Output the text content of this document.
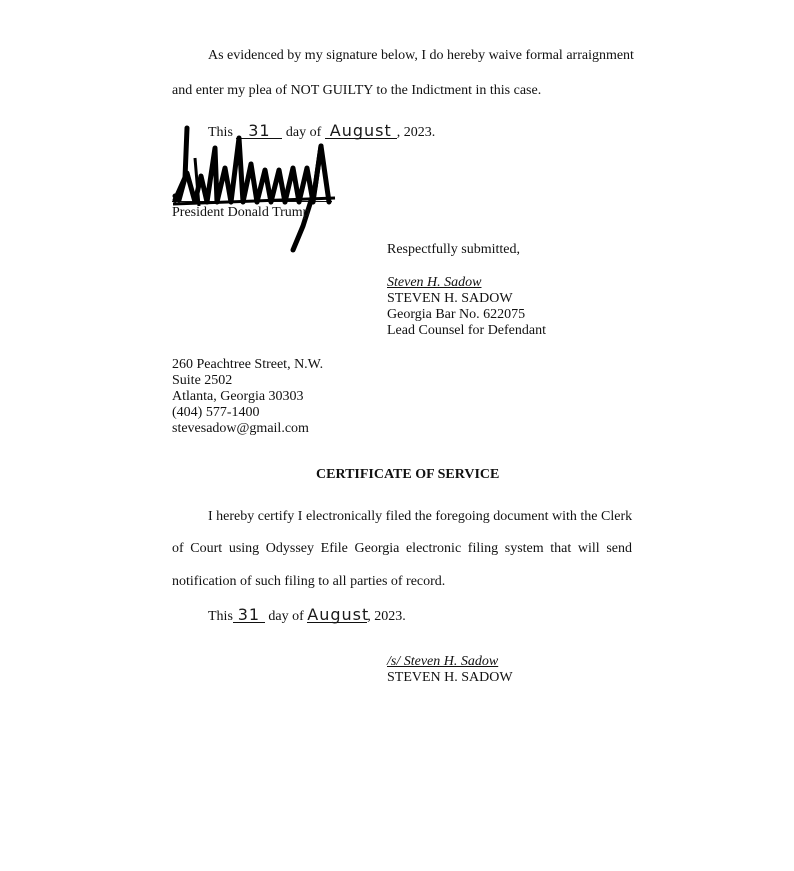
As evidenced by my signature below, I do hereby waive formal arraignment
and enter my plea of NOT GUILTY to the Indictment in this case.
This 31 day of August , 2023.
President Donald Trump
Respectfully submitted,
Steven H. Sadow
STEVEN H. SADOW
Georgia Bar No. 622075
Lead Counsel for Defendant
260 Peachtree Street, N.W.
Suite 2502
Atlanta, Georgia 30303
(404) 577-1400
stevesadow@gmail.com
CERTIFICATE OF SERVICE
I hereby certify I electronically filed the foregoing document with the Clerk
of Court using Odyssey Efile Georgia electronic filing system that will send
notification of such filing to all parties of record.
This 31 day of August, 2023.
/s/ Steven H. Sadow
STEVEN H. SADOW
